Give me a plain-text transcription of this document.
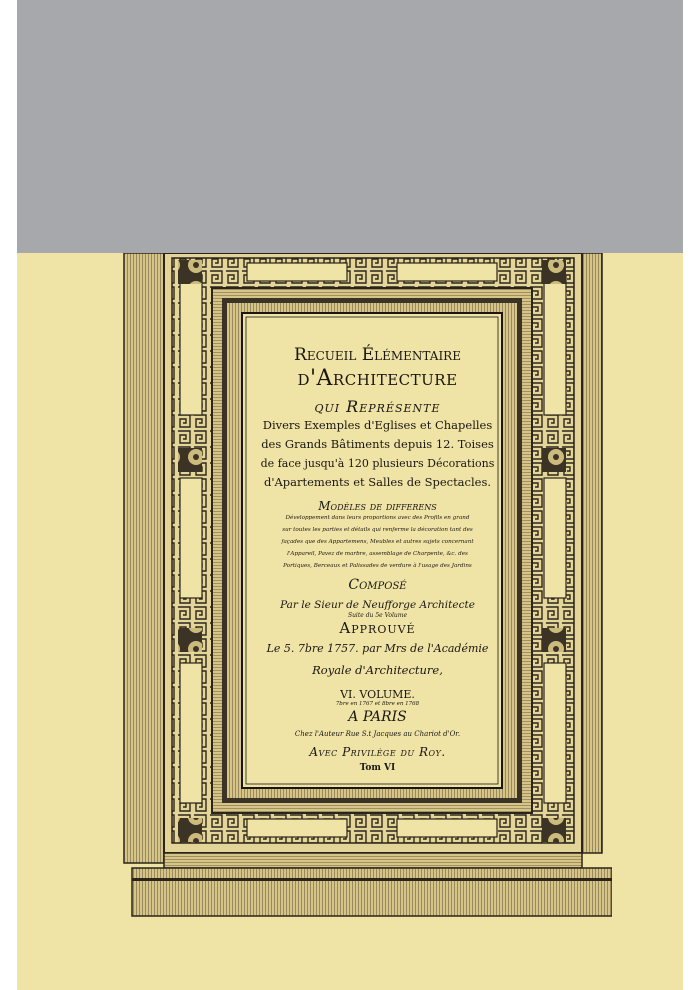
Recueil Élémentaire
d'Architecture
qui Représente
Divers Exemples d'Eglises et Chapelles
des Grands Bâtiments depuis 12. Toises
de face jusqu'à 120 plusieurs Décorations
d'Apartements et Salles de Spectacles.
Modèles de differens
Développement dans leurs proportions avec des Profils en grand
sur toutes les parties et détails qui renferme la décoration tant des
façades que des Appartemens, Meubles et autres sujets concernant
l'Appareil, Pavez de marbre, assemblage de Charpente, &c. des
Portiques, Berceaux et Palissades de verdure à l'usage des Jardins
Composé
Par le Sieur de Neufforge Architecte
Suite du 5e Volume
Approuvé
Le 5. 7bre 1757. par Mrs de l'Académie
Royale d'Architecture,
VI. VOLUME.
7bre en 1767 et 8bre en 1768
A PARIS
Chez l'Auteur Rue S.t Jacques au Chariot d'Or.
Avec Privilège du Roy.
Tom VI
